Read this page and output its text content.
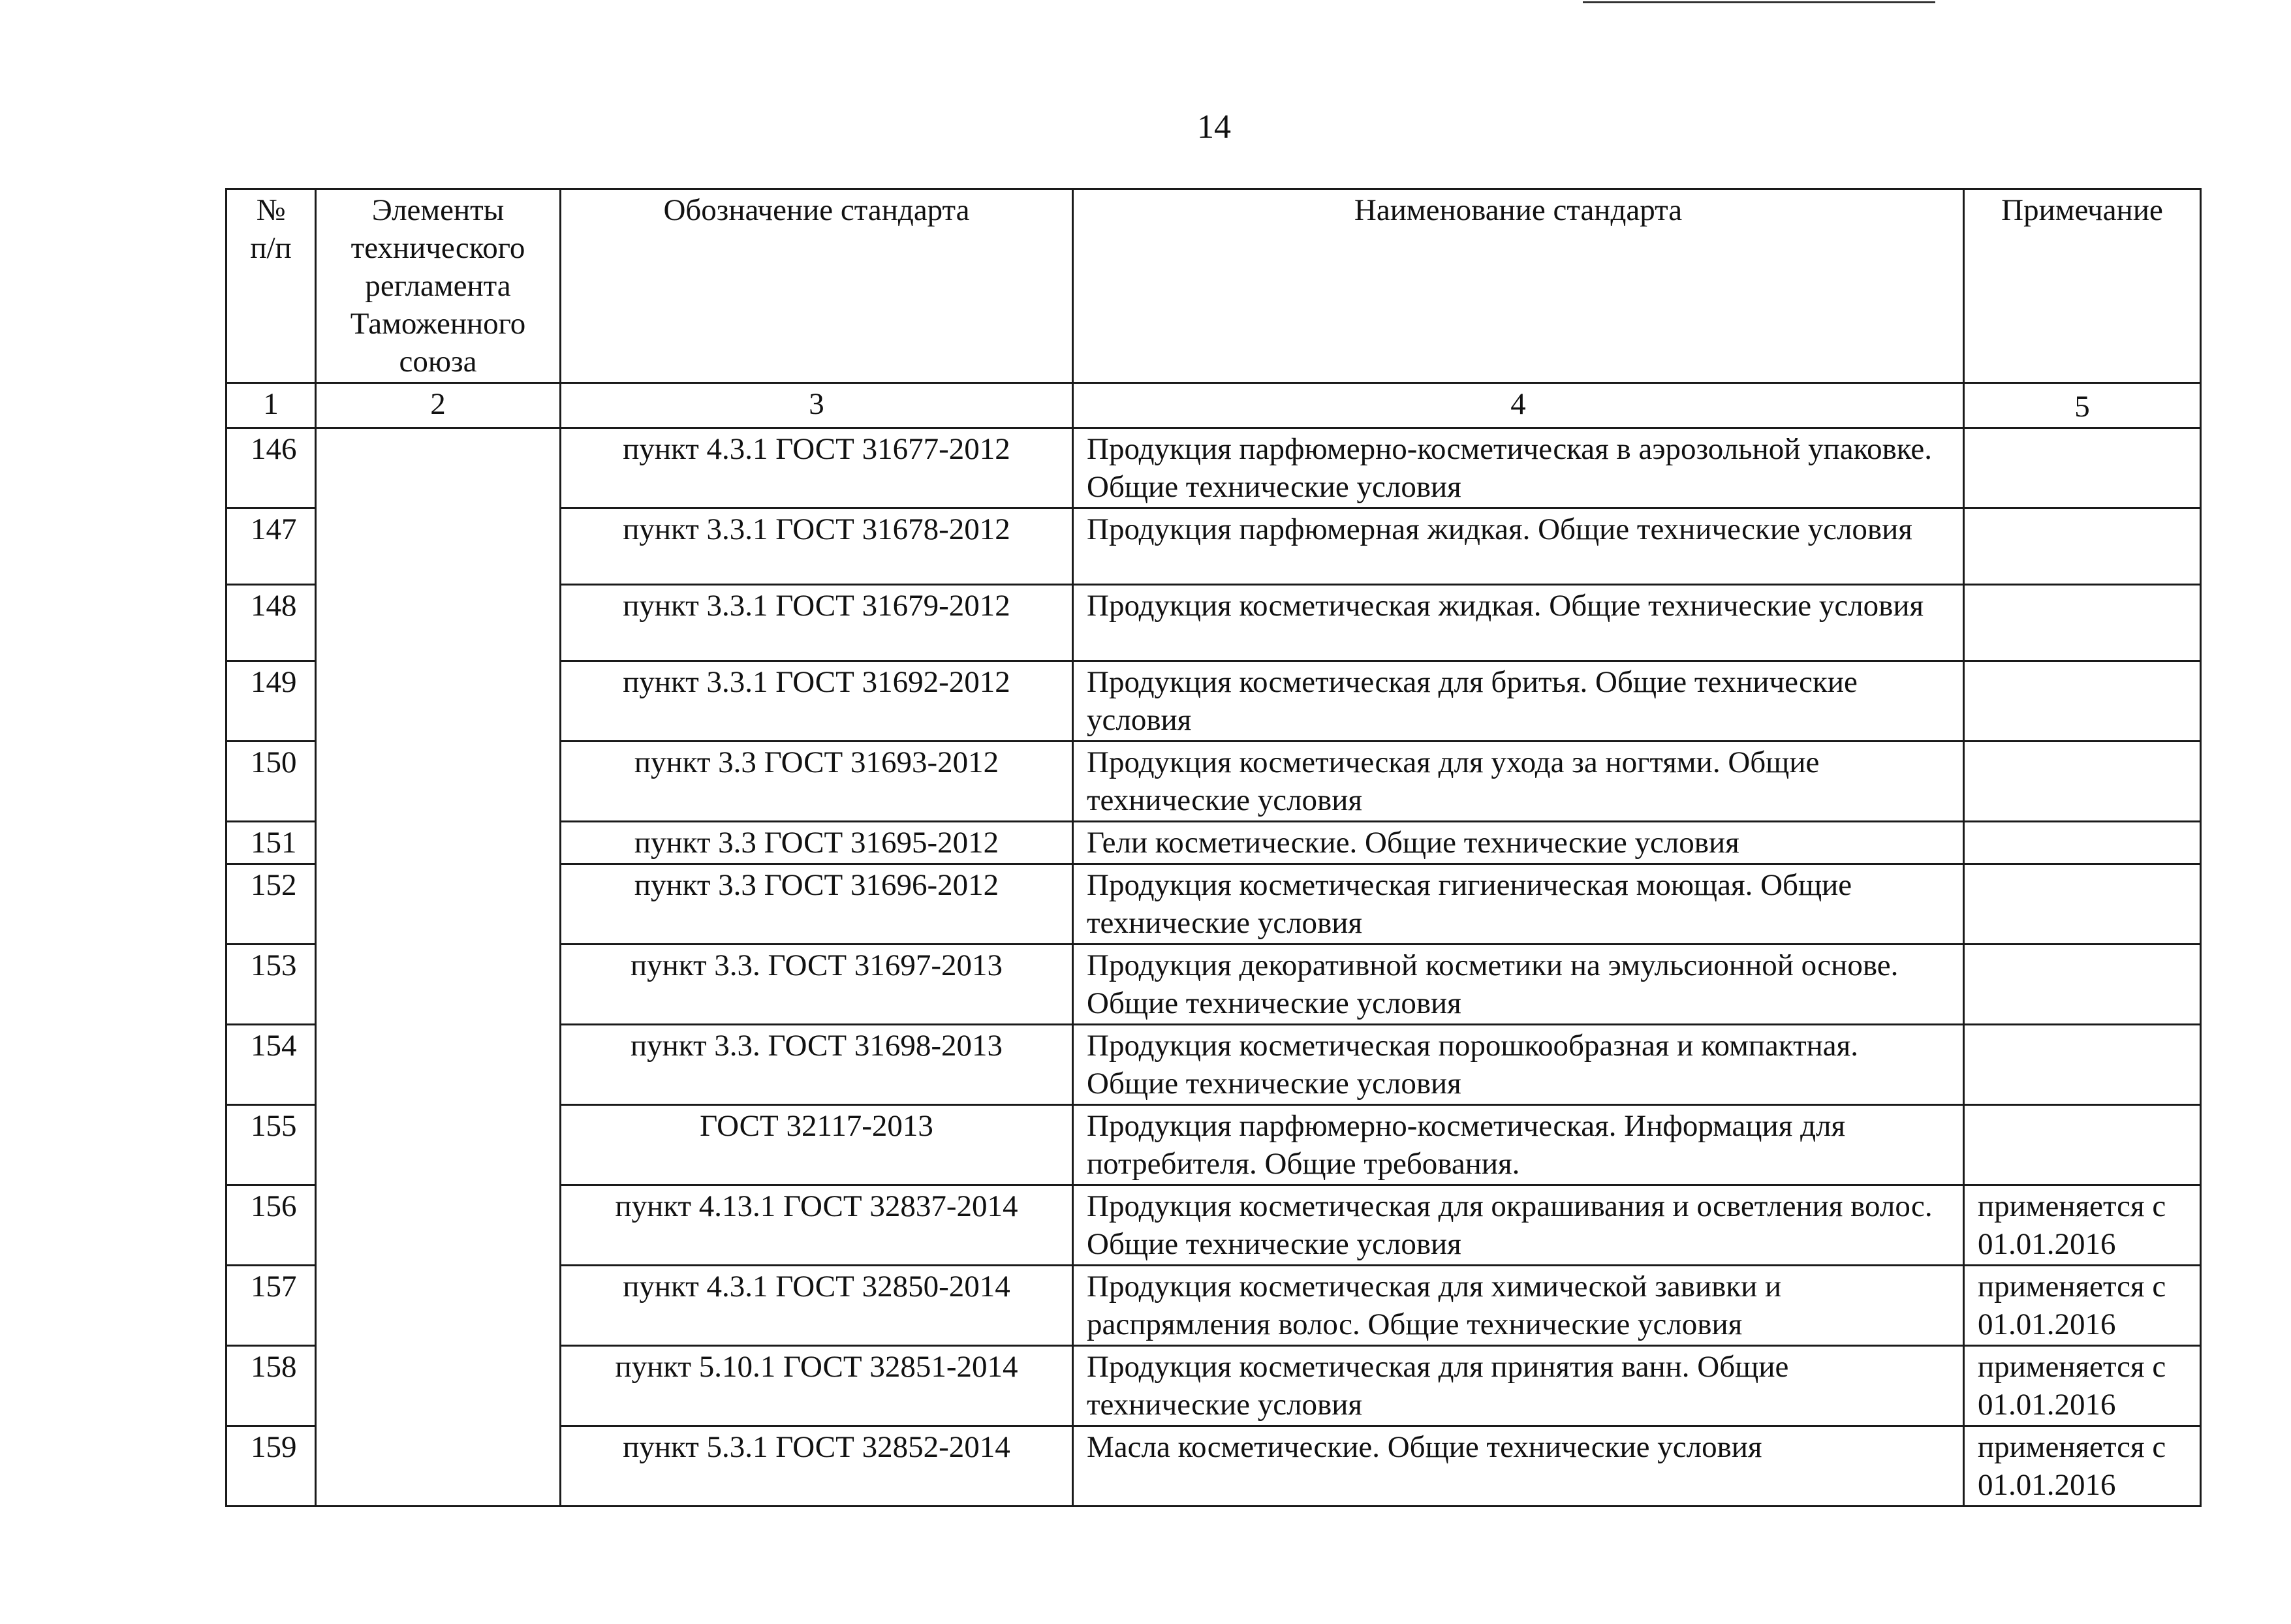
14
№ п/п	Элементы технического регламента Таможенного союза	Обозначение стандарта	Наименование стандарта	Примечание
1	2	3	4	5
146		пункт 4.3.1 ГОСТ 31677-2012	Продукция парфюмерно-косметическая в аэрозольной упаковке. Общие технические условия	
147		пункт 3.3.1 ГОСТ 31678-2012	Продукция парфюмерная жидкая. Общие технические условия	
148		пункт 3.3.1 ГОСТ 31679-2012	Продукция косметическая жидкая. Общие технические условия	
149		пункт 3.3.1 ГОСТ 31692-2012	Продукция косметическая для бритья. Общие технические условия	
150		пункт 3.3 ГОСТ 31693-2012	Продукция косметическая для ухода за ногтями. Общие технические условия	
151		пункт 3.3 ГОСТ 31695-2012	Гели косметические. Общие технические условия	
152		пункт 3.3 ГОСТ 31696-2012	Продукция косметическая гигиеническая моющая. Общие технические условия	
153		пункт 3.3. ГОСТ 31697-2013	Продукция декоративной косметики на эмульсионной основе. Общие технические условия	
154		пункт 3.3. ГОСТ 31698-2013	Продукция косметическая порошкообразная и компактная. Общие технические условия	
155		ГОСТ 32117-2013	Продукция парфюмерно-косметическая. Информация для потребителя. Общие требования.	
156		пункт 4.13.1 ГОСТ 32837-2014	Продукция косметическая для окрашивания и осветления волос. Общие технические условия	применяется с 01.01.2016
157		пункт 4.3.1 ГОСТ 32850-2014	Продукция косметическая для химической завивки и распрямления волос. Общие технические условия	применяется с 01.01.2016
158		пункт 5.10.1 ГОСТ 32851-2014	Продукция косметическая для принятия ванн. Общие технические условия	применяется с 01.01.2016
159		пункт 5.3.1 ГОСТ 32852-2014	Масла косметические. Общие технические условия	применяется с 01.01.2016
